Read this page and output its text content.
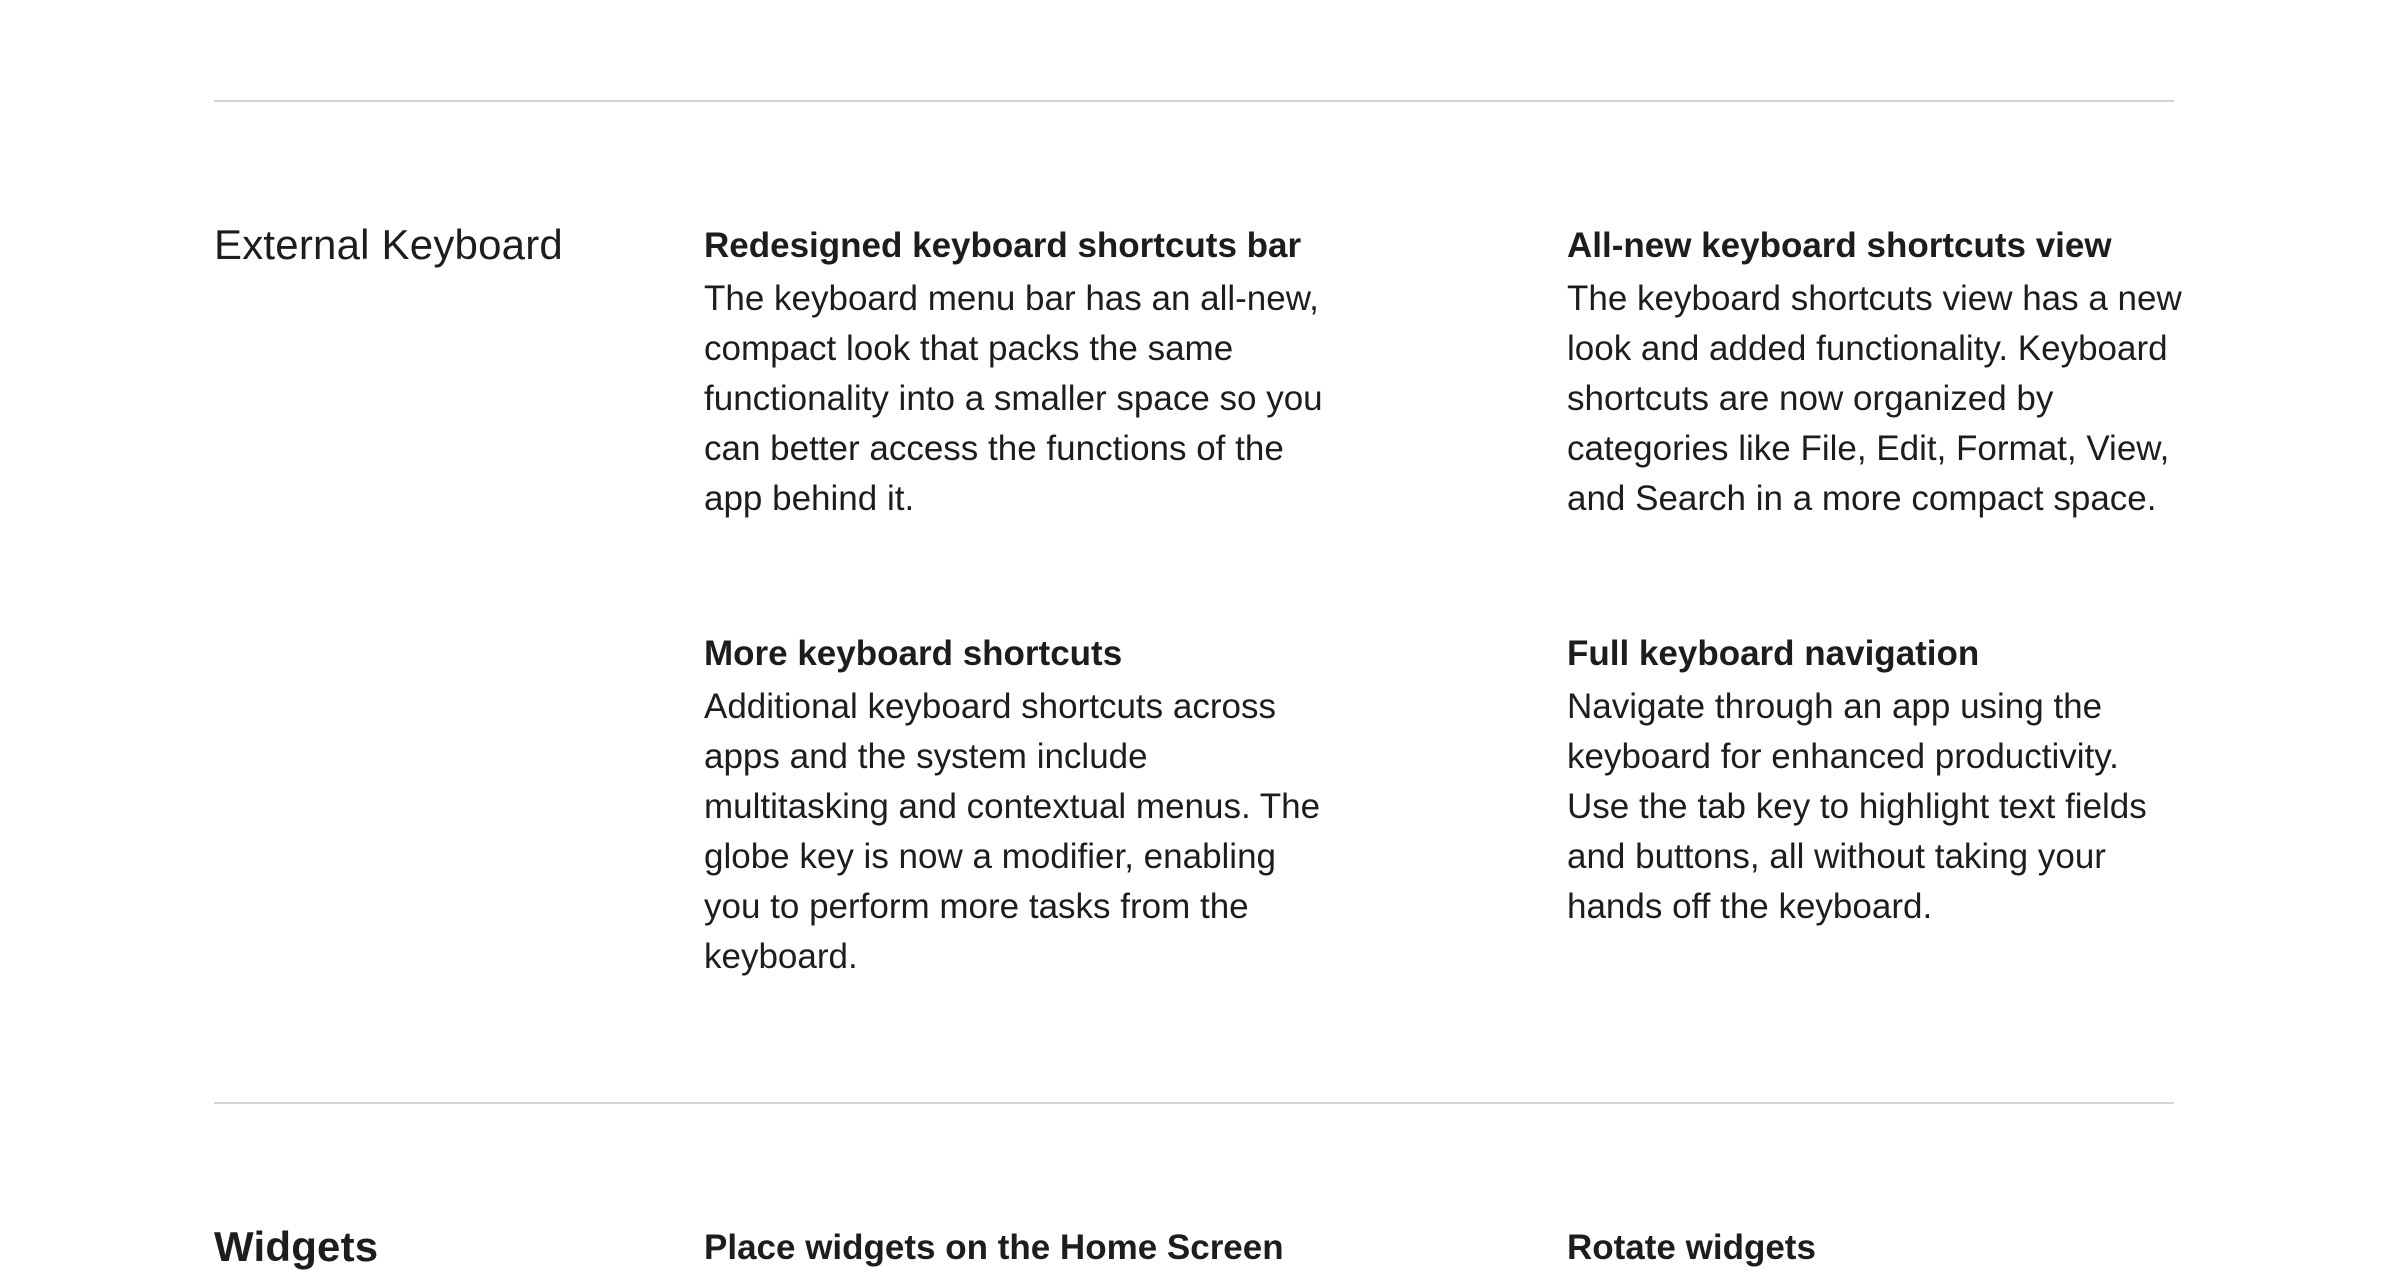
External Keyboard	Redesigned keyboard shortcuts bar

The keyboard menu bar has an all-new, compact look that packs the same functionality into a smaller space so you can better access the functions of the app behind it.

All-new keyboard shortcuts view

The keyboard shortcuts view has a new look and added functionality. Keyboard shortcuts are now organized by categories like File, Edit, Format, View, and Search in a more compact space.

More keyboard shortcuts

Additional keyboard shortcuts across apps and the system include multitasking and contextual menus. The globe key is now a modifier, enabling you to perform more tasks from the keyboard.

Full keyboard navigation

Navigate through an app using the keyboard for enhanced productivity. Use the tab key to highlight text fields and buttons, all without taking your hands off the keyboard.

Widgets	Place widgets on the Home Screen	Rotate widgets
